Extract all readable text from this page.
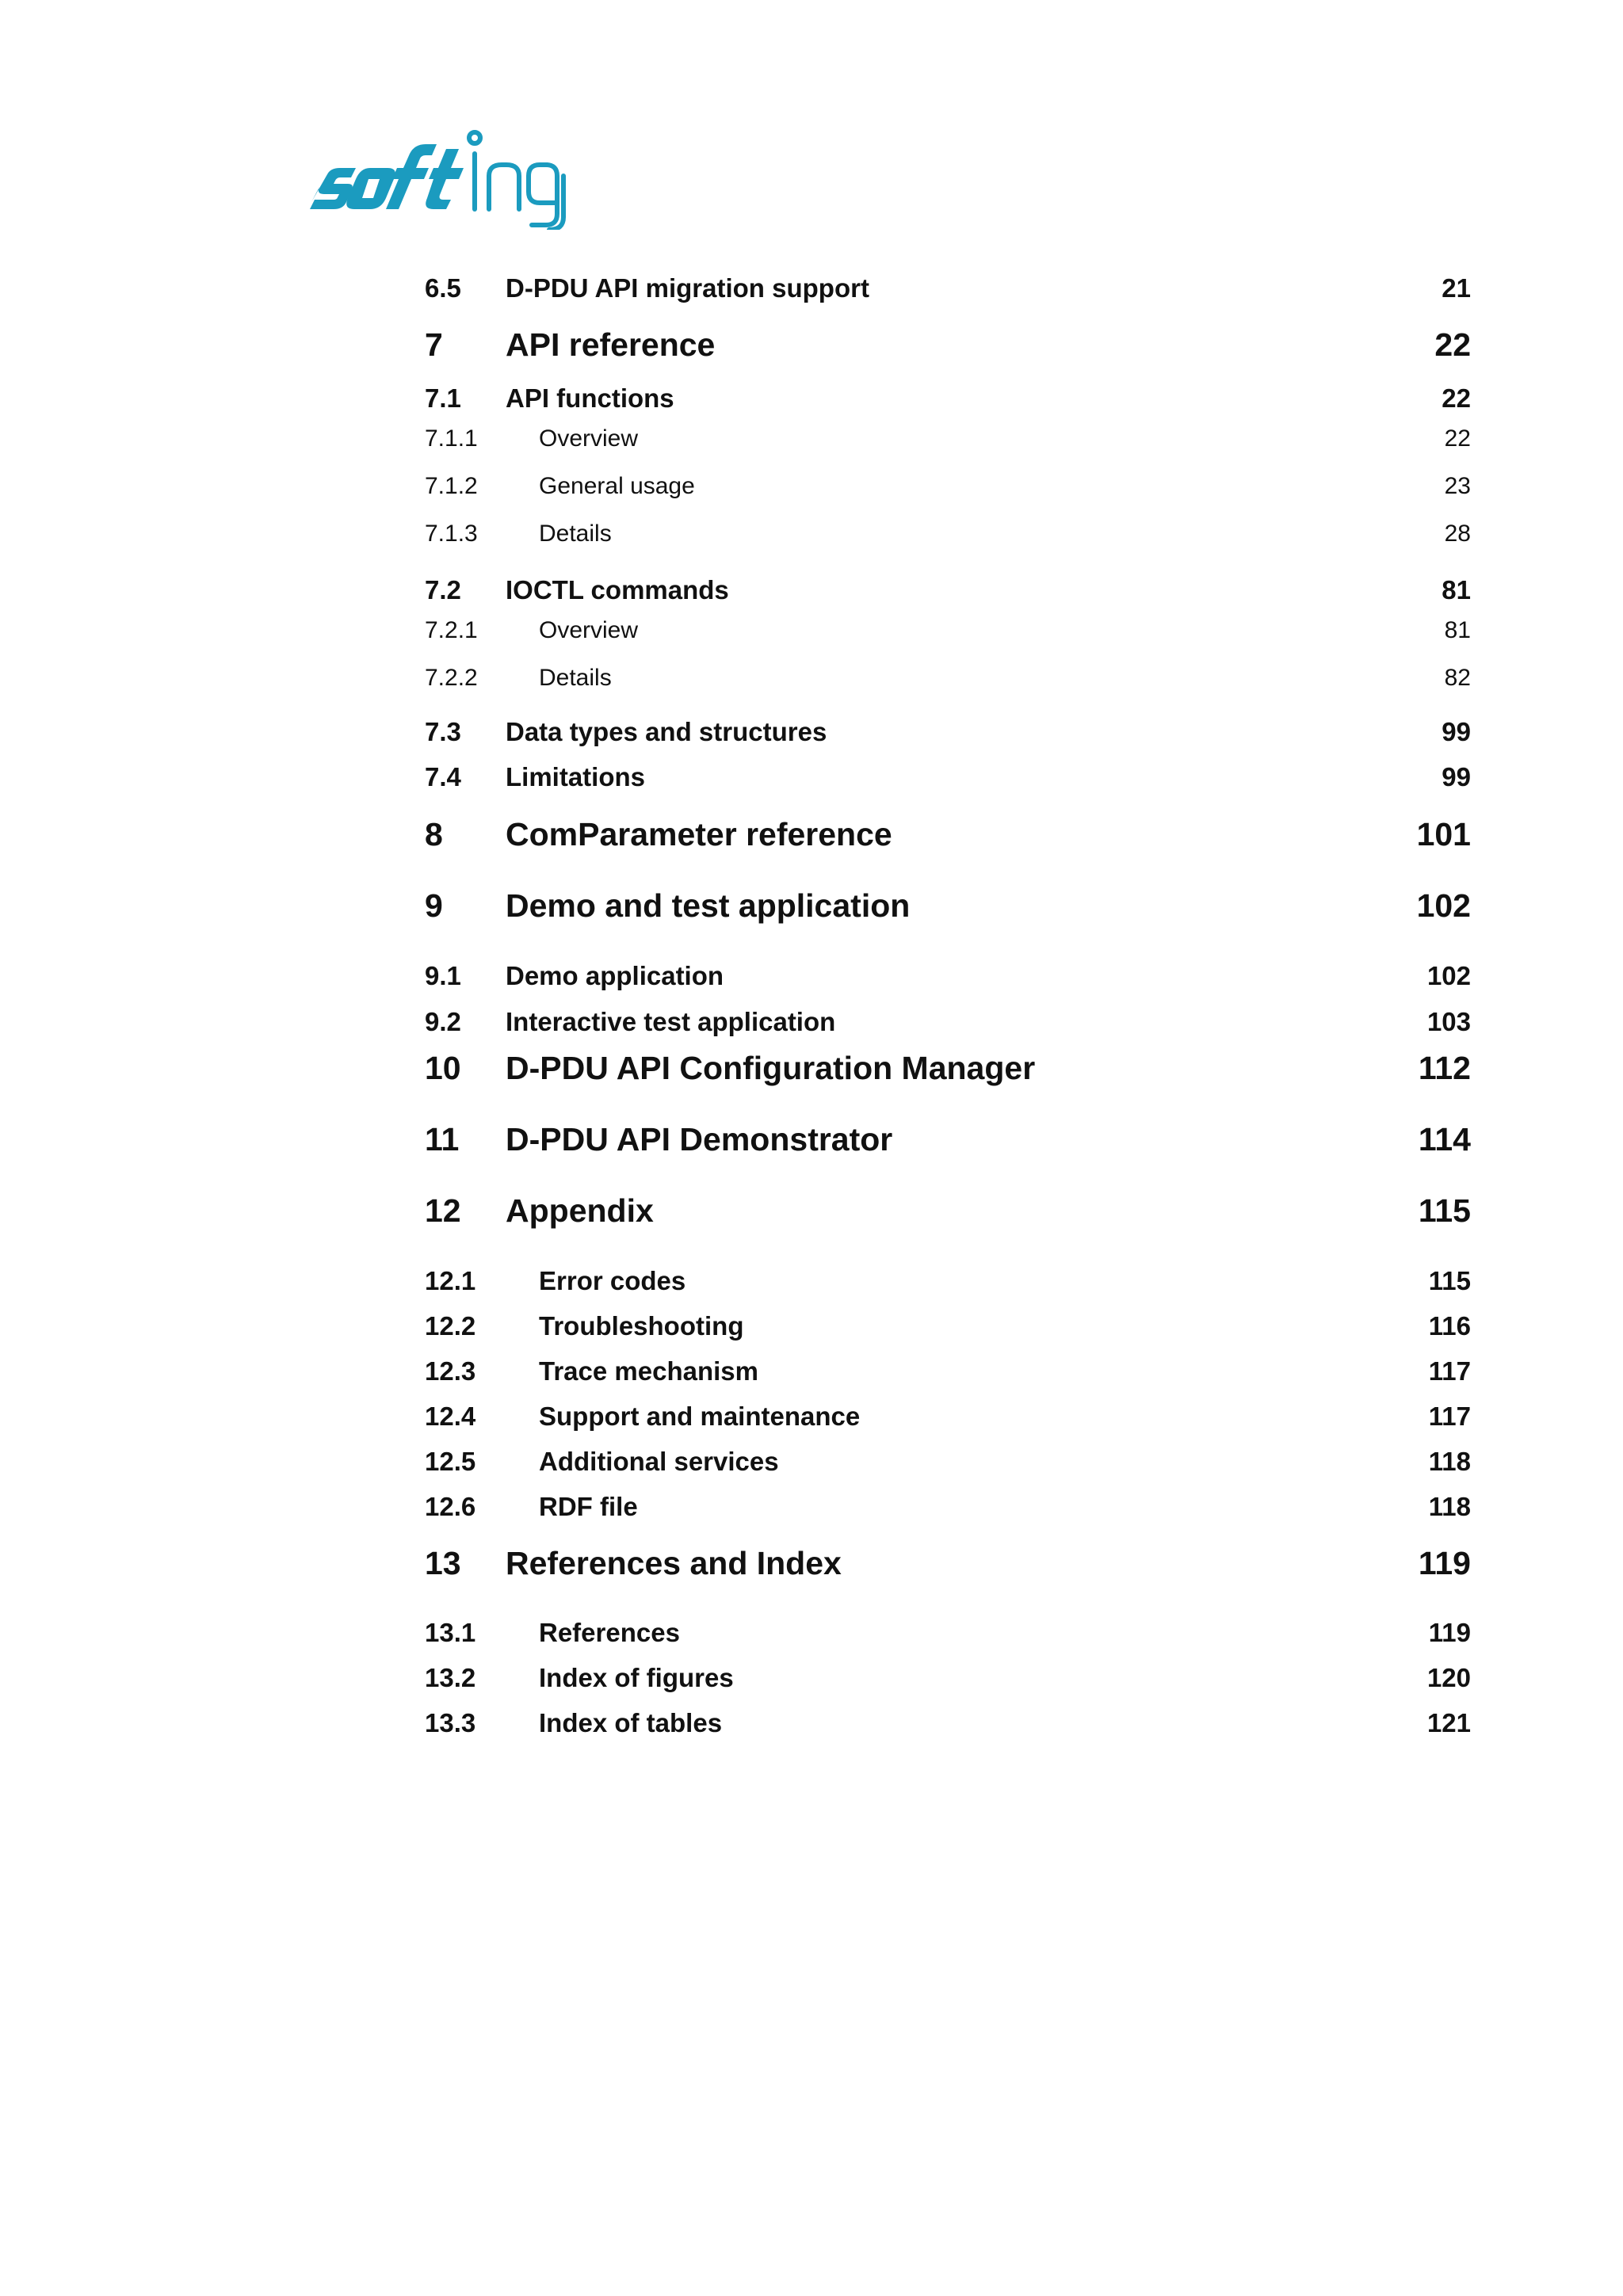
6.5 D-PDU API migration support	21
7 API reference	22
7.1 API functions	22
7.1.1	Overview	22
7.1.2	General usage	23
7.1.3	Details	28
7.2 IOCTL commands	81
7.2.1	Overview	81
7.2.2	Details	82
7.3 Data types and structures	99
7.4 Limitations	99
8 ComParameter reference	101
9 Demo and test application	102
9.1 Demo application	102
9.2 Interactive test application	103
10 D-PDU API Configuration Manager	112
11 D-PDU API Demonstrator	114
12 Appendix	115
12.1 Error codes	115
12.2 Troubleshooting	116
12.3 Trace mechanism	117
12.4 Support and maintenance	117
12.5 Additional services	118
12.6 RDF file	118
13 References and Index	119
13.1 References	119
13.2 Index of figures	120
13.3 Index of tables	121
